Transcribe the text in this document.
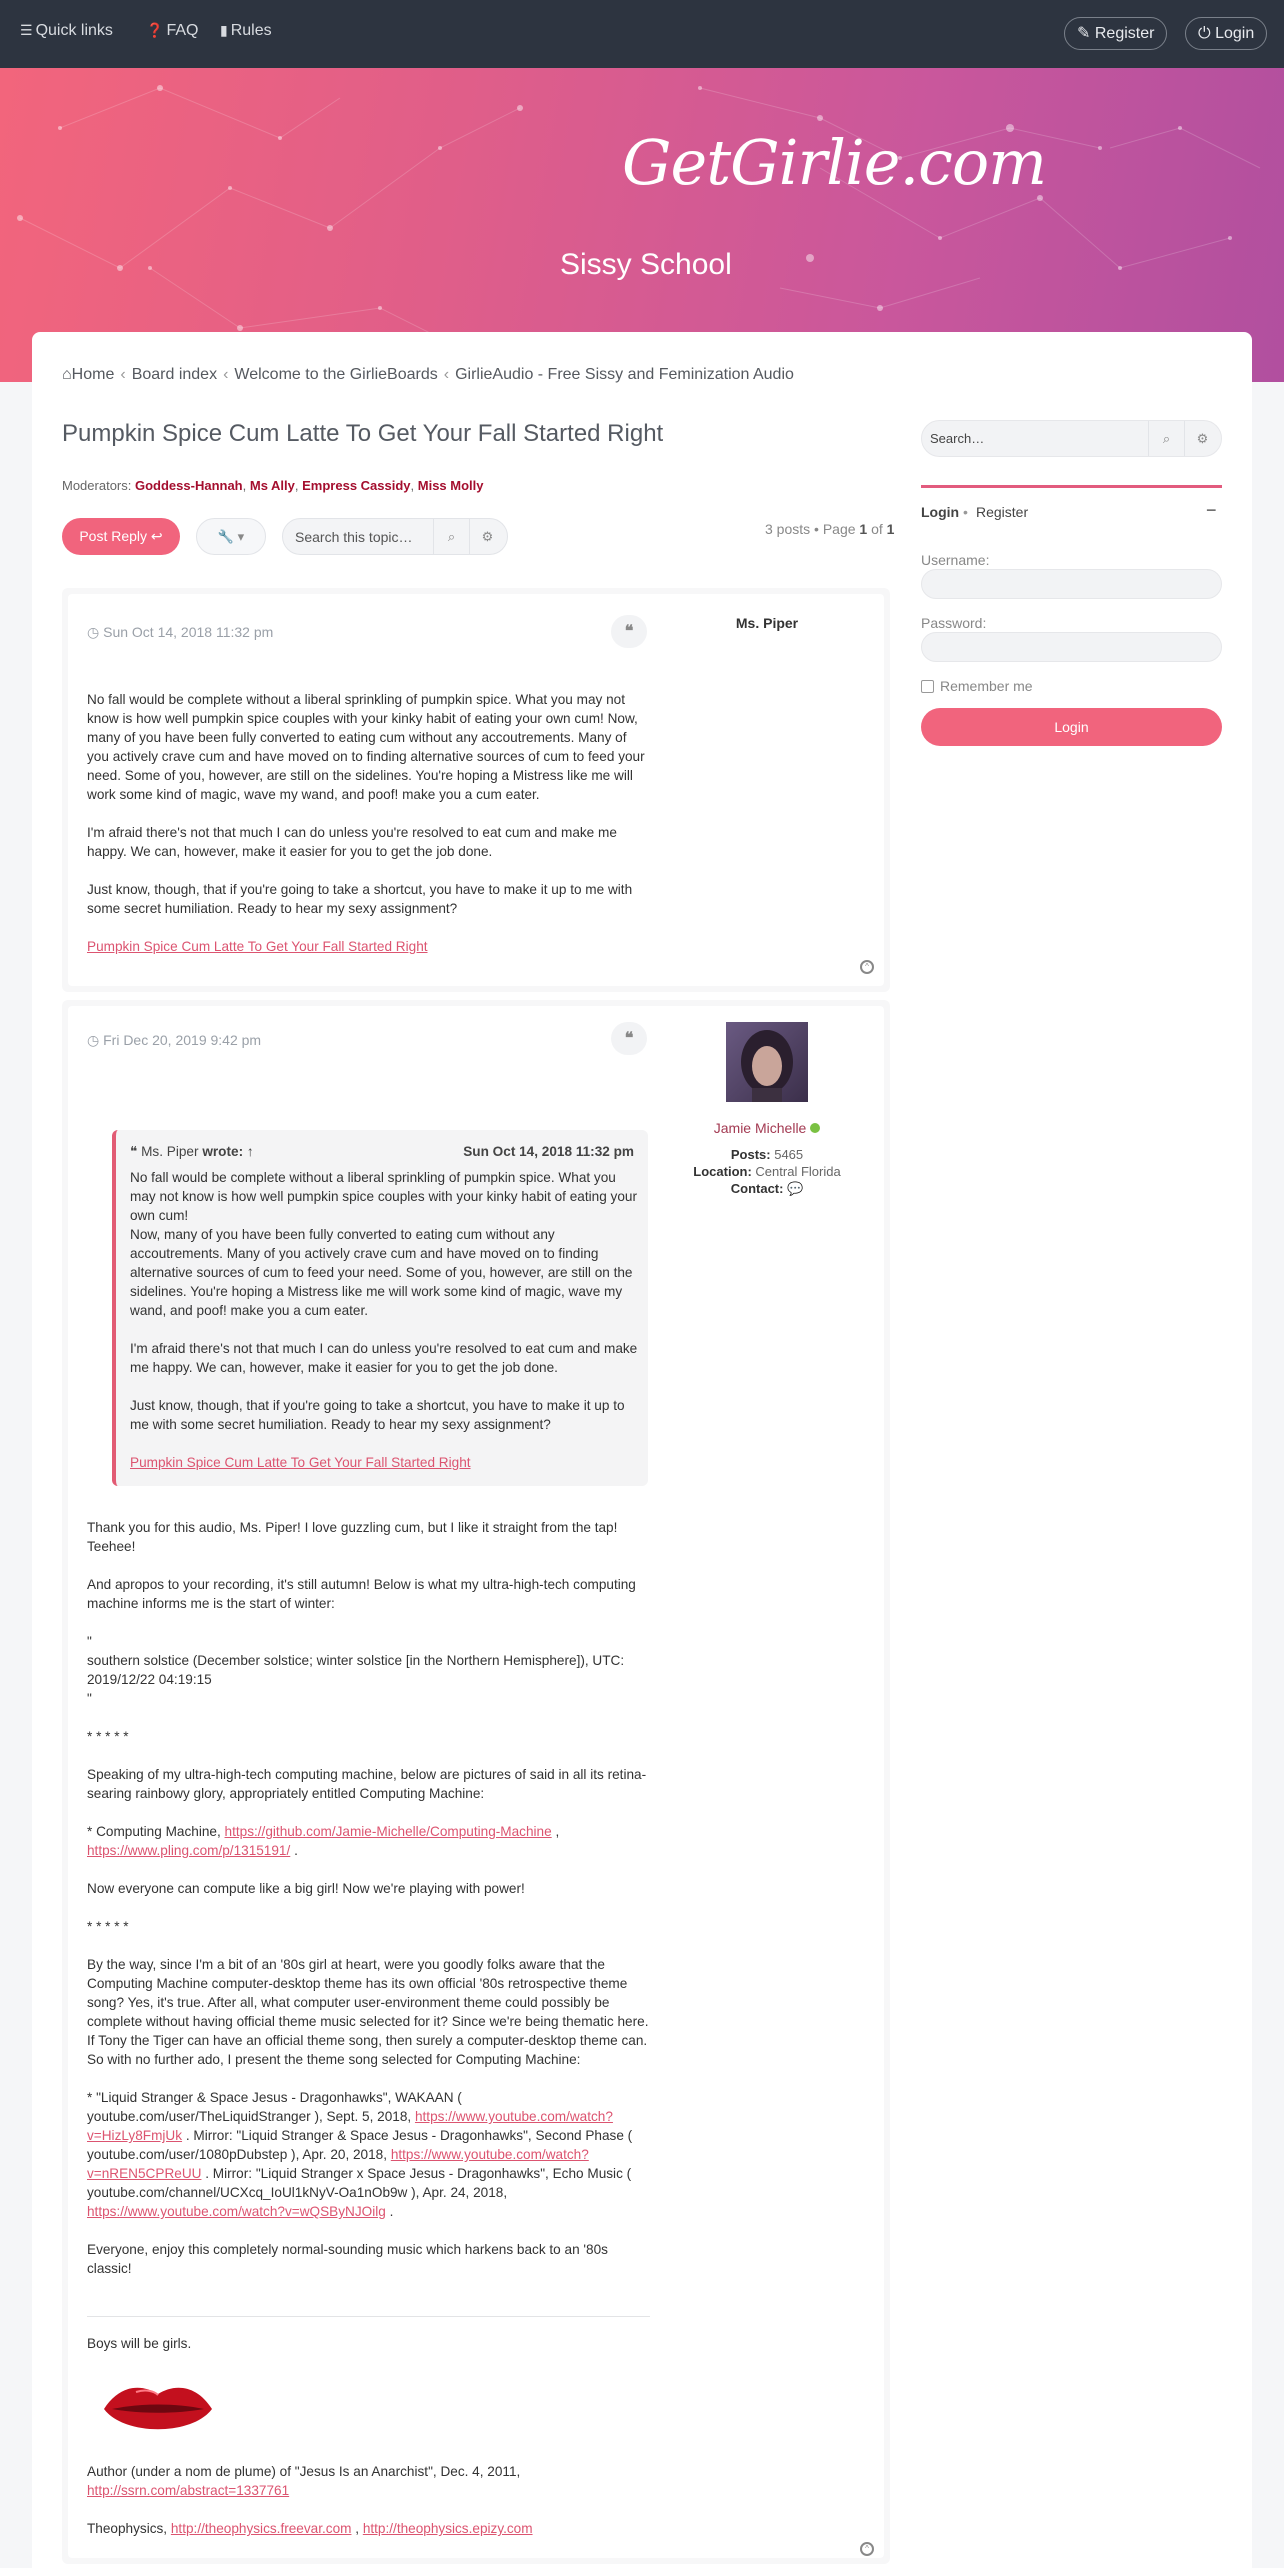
☰ Quick links ❓ FAQ ▮ Rules	✎ Register	⏻ Login
GetGirlie.com
Sissy School
⌂Home ‹ Board index ‹ Welcome to the GirlieBoards ‹ GirlieAudio - Free Sissy and Feminization Audio
Pumpkin Spice Cum Latte To Get Your Fall Started Right
Moderators: Goddess-Hannah, Ms Ally, Empress Cassidy, Miss Molly
Post Reply ↩	🔧 ▾	Search this topic…	⌕	⚙	3 posts • Page 1 of 1
◷ Sun Oct 14, 2018 11:32 pm	❝	Ms. Piper

No fall would be complete without a liberal sprinkling of pumpkin spice. What you may not know is how well pumpkin spice couples with your kinky habit of eating your own cum! Now, many of you have been fully converted to eating cum without any accoutrements. Many of you actively crave cum and have moved on to finding alternative sources of cum to feed your need. Some of you, however, are still on the sidelines. You're hoping a Mistress like me will work some kind of magic, wave my wand, and poof! make you a cum eater.

I'm afraid there's not that much I can do unless you're resolved to eat cum and make me happy. We can, however, make it easier for you to get the job done.

Just know, though, that if you're going to take a shortcut, you have to make it up to me with some secret humiliation. Ready to hear my sexy assignment?

Pumpkin Spice Cum Latte To Get Your Fall Started Right
^
◷ Fri Dec 20, 2019 9:42 pm	❝
Jamie Michelle
Posts: 5465
Location: Central Florida
Contact: 💬
❝ Ms. Piper wrote: ↑	Sun Oct 14, 2018 11:32 pm
No fall would be complete without a liberal sprinkling of pumpkin spice. What you may not know is how well pumpkin spice couples with your kinky habit of eating your own cum!

Now, many of you have been fully converted to eating cum without any accoutrements. Many of you actively crave cum and have moved on to finding alternative sources of cum to feed your need. Some of you, however, are still on the sidelines. You're hoping a Mistress like me will work some kind of magic, wave my wand, and poof! make you a cum eater.

I'm afraid there's not that much I can do unless you're resolved to eat cum and make me happy. We can, however, make it easier for you to get the job done.

Just know, though, that if you're going to take a shortcut, you have to make it up to me with some secret humiliation. Ready to hear my sexy assignment?

Pumpkin Spice Cum Latte To Get Your Fall Started Right

Thank you for this audio, Ms. Piper! I love guzzling cum, but I like it straight from the tap! Teehee!

And apropos to your recording, it's still autumn! Below is what my ultra-high-tech computing machine informs me is the start of winter:

"
southern solstice (December solstice; winter solstice [in the Northern Hemisphere]), UTC: 2019/12/22 04:19:15

"

* * * * *

Speaking of my ultra-high-tech computing machine, below are pictures of said in all its retina-searing rainbowy glory, appropriately entitled Computing Machine:

* Computing Machine, https://github.com/Jamie-Michelle/Computing-Machine , https://www.pling.com/p/1315191/ .

Now everyone can compute like a big girl! Now we're playing with power!

* * * * *

By the way, since I'm a bit of an '80s girl at heart, were you goodly folks aware that the Computing Machine computer-desktop theme has its own official '80s retrospective theme song? Yes, it's true. After all, what computer user-environment theme could possibly be complete without having official theme music selected for it? Since we're being thematic here. If Tony the Tiger can have an official theme song, then surely a computer-desktop theme can. So with no further ado, I present the theme song selected for Computing Machine:

* "Liquid Stranger & Space Jesus - Dragonhawks", WAKAAN ( youtube.com/user/TheLiquidStranger ), Sept. 5, 2018, https://www.youtube.com/watch?v=HizLy8FmjUk . Mirror: "Liquid Stranger & Space Jesus - Dragonhawks", Second Phase ( youtube.com/user/1080pDubstep ), Apr. 20, 2018, https://www.youtube.com/watch?v=nREN5CPReUU . Mirror: "Liquid Stranger x Space Jesus - Dragonhawks", Echo Music ( youtube.com/channel/UCXcq_IoUl1kNyV-Oa1nOb9w ), Apr. 24, 2018, https://www.youtube.com/watch?v=wQSByNJOilg .

Everyone, enjoy this completely normal-sounding music which harkens back to an '80s classic!

Boys will be girls.
Author (under a nom de plume) of "Jesus Is an Anarchist", Dec. 4, 2011,

http://ssrn.com/abstract=1337761

Theophysics, http://theophysics.freevar.com , http://theophysics.epizy.com
^
Search…	⌕	⚙
Login • Register	−
Username:
Password:
Remember me
Login
